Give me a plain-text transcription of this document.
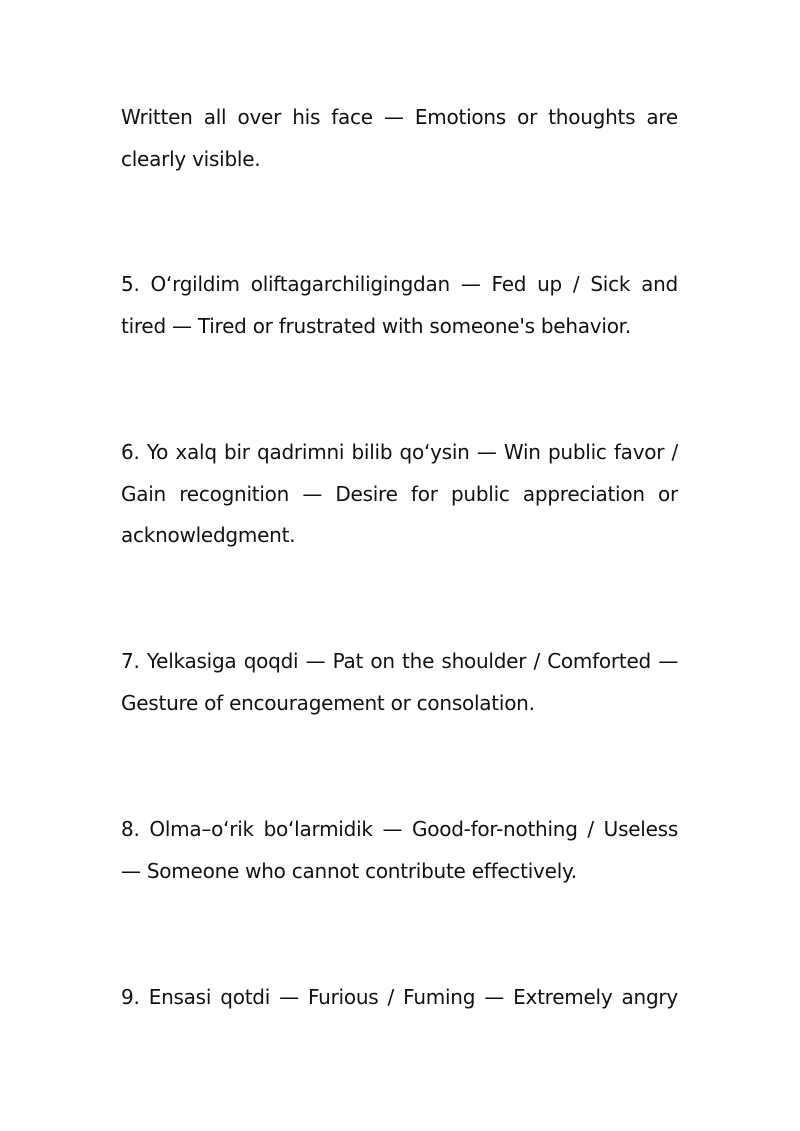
Written all over his face — Emotions or thoughts are clearly visible.

5. O‘rgildim oliftagarchiligingdan — Fed up / Sick and tired — Tired or frustrated with someone's behavior.

6. Yo xalq bir qadrimni bilib qo‘ysin — Win public favor / Gain recognition — Desire for public appreciation or acknowledgment.

7. Yelkasiga qoqdi — Pat on the shoulder / Comforted — Gesture of encouragement or consolation.

8. Olma–o‘rik bo‘larmidik — Good-for-nothing / Useless — Someone who cannot contribute effectively.

9. Ensasi qotdi — Furious / Fuming — Extremely angry
